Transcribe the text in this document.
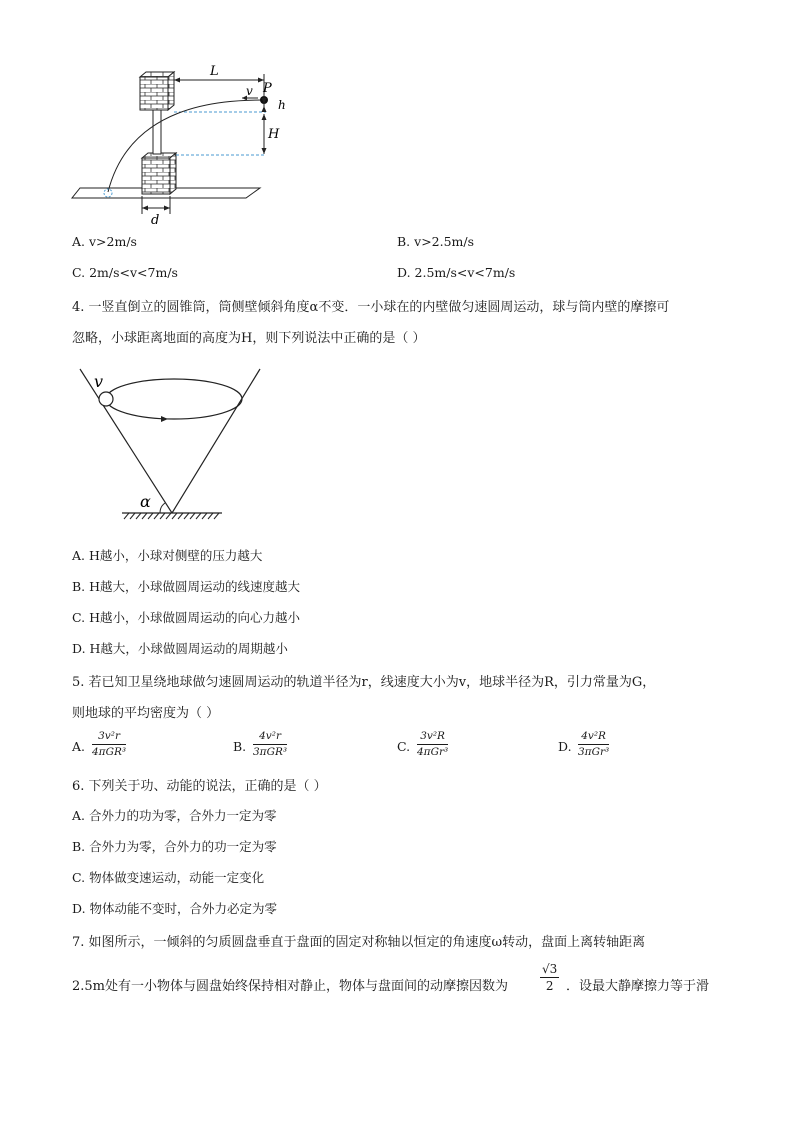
L
P
v
h
H
d
A. v>2m/s	B. v>2.5m/s
C. 2m/s<v<7m/s	D. 2.5m/s<v<7m/s
4. 一竖直倒立的圆锥筒，筒侧壁倾斜角度α不变．一小球在的内壁做匀速圆周运动，球与筒内壁的摩擦可
忽略，小球距离地面的高度为H，则下列说法中正确的是（ ）
v
α
A. H越小，小球对侧壁的压力越大
B. H越大，小球做圆周运动的线速度越大
C. H越小，小球做圆周运动的向心力越小
D. H越大，小球做圆周运动的周期越小
5. 若已知卫星绕地球做匀速圆周运动的轨道半径为r，线速度大小为v，地球半径为R，引力常量为G，
则地球的平均密度为（ ）
A.
3v²r
4πGR³	B.
4v²r
3πGR³	C.
3v²R
4πGr³	D.
4v²R
3πGr³
6. 下列关于功、动能的说法，正确的是（ ）
A. 合外力的功为零，合外力一定为零
B. 合外力为零，合外力的功一定为零
C. 物体做变速运动，动能一定变化
D. 物体动能不变时，合外力必定为零
7. 如图所示，一倾斜的匀质圆盘垂直于盘面的固定对称轴以恒定的角速度ω转动，盘面上离转轴距离
2.5m处有一小物体与圆盘始终保持相对静止，物体与盘面间的动摩擦因数为	$\frac{√3}{2}$ ．设最大静摩擦力等于滑
